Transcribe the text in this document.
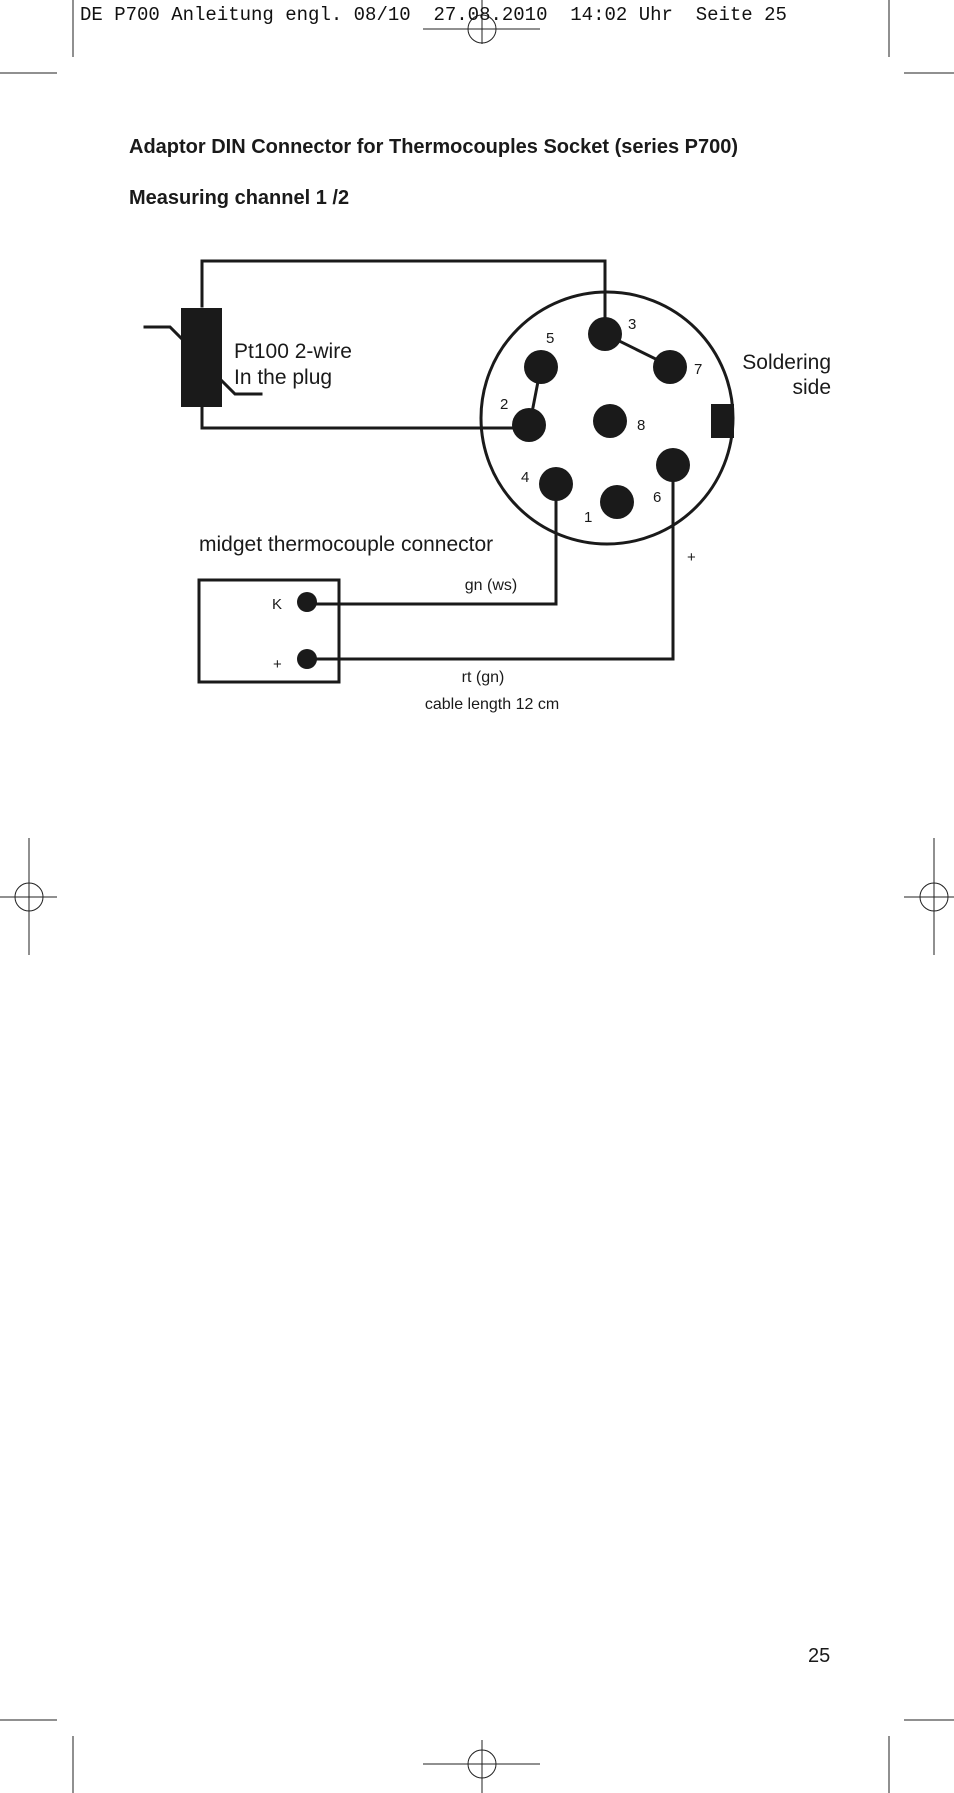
DE P700 Anleitung engl. 08/10  27.08.2010  14:02 Uhr  Seite 25
Adaptor DIN Connector for Thermocouples Socket (series P700)
Measuring channel 1 /2
Pt100 2-wire
In the plug
Soldering
side
3
5
7
2
8
4
6
1
+
midget thermocouple connector
K
+
gn (ws)
rt (gn)
cable length 12 cm
25
